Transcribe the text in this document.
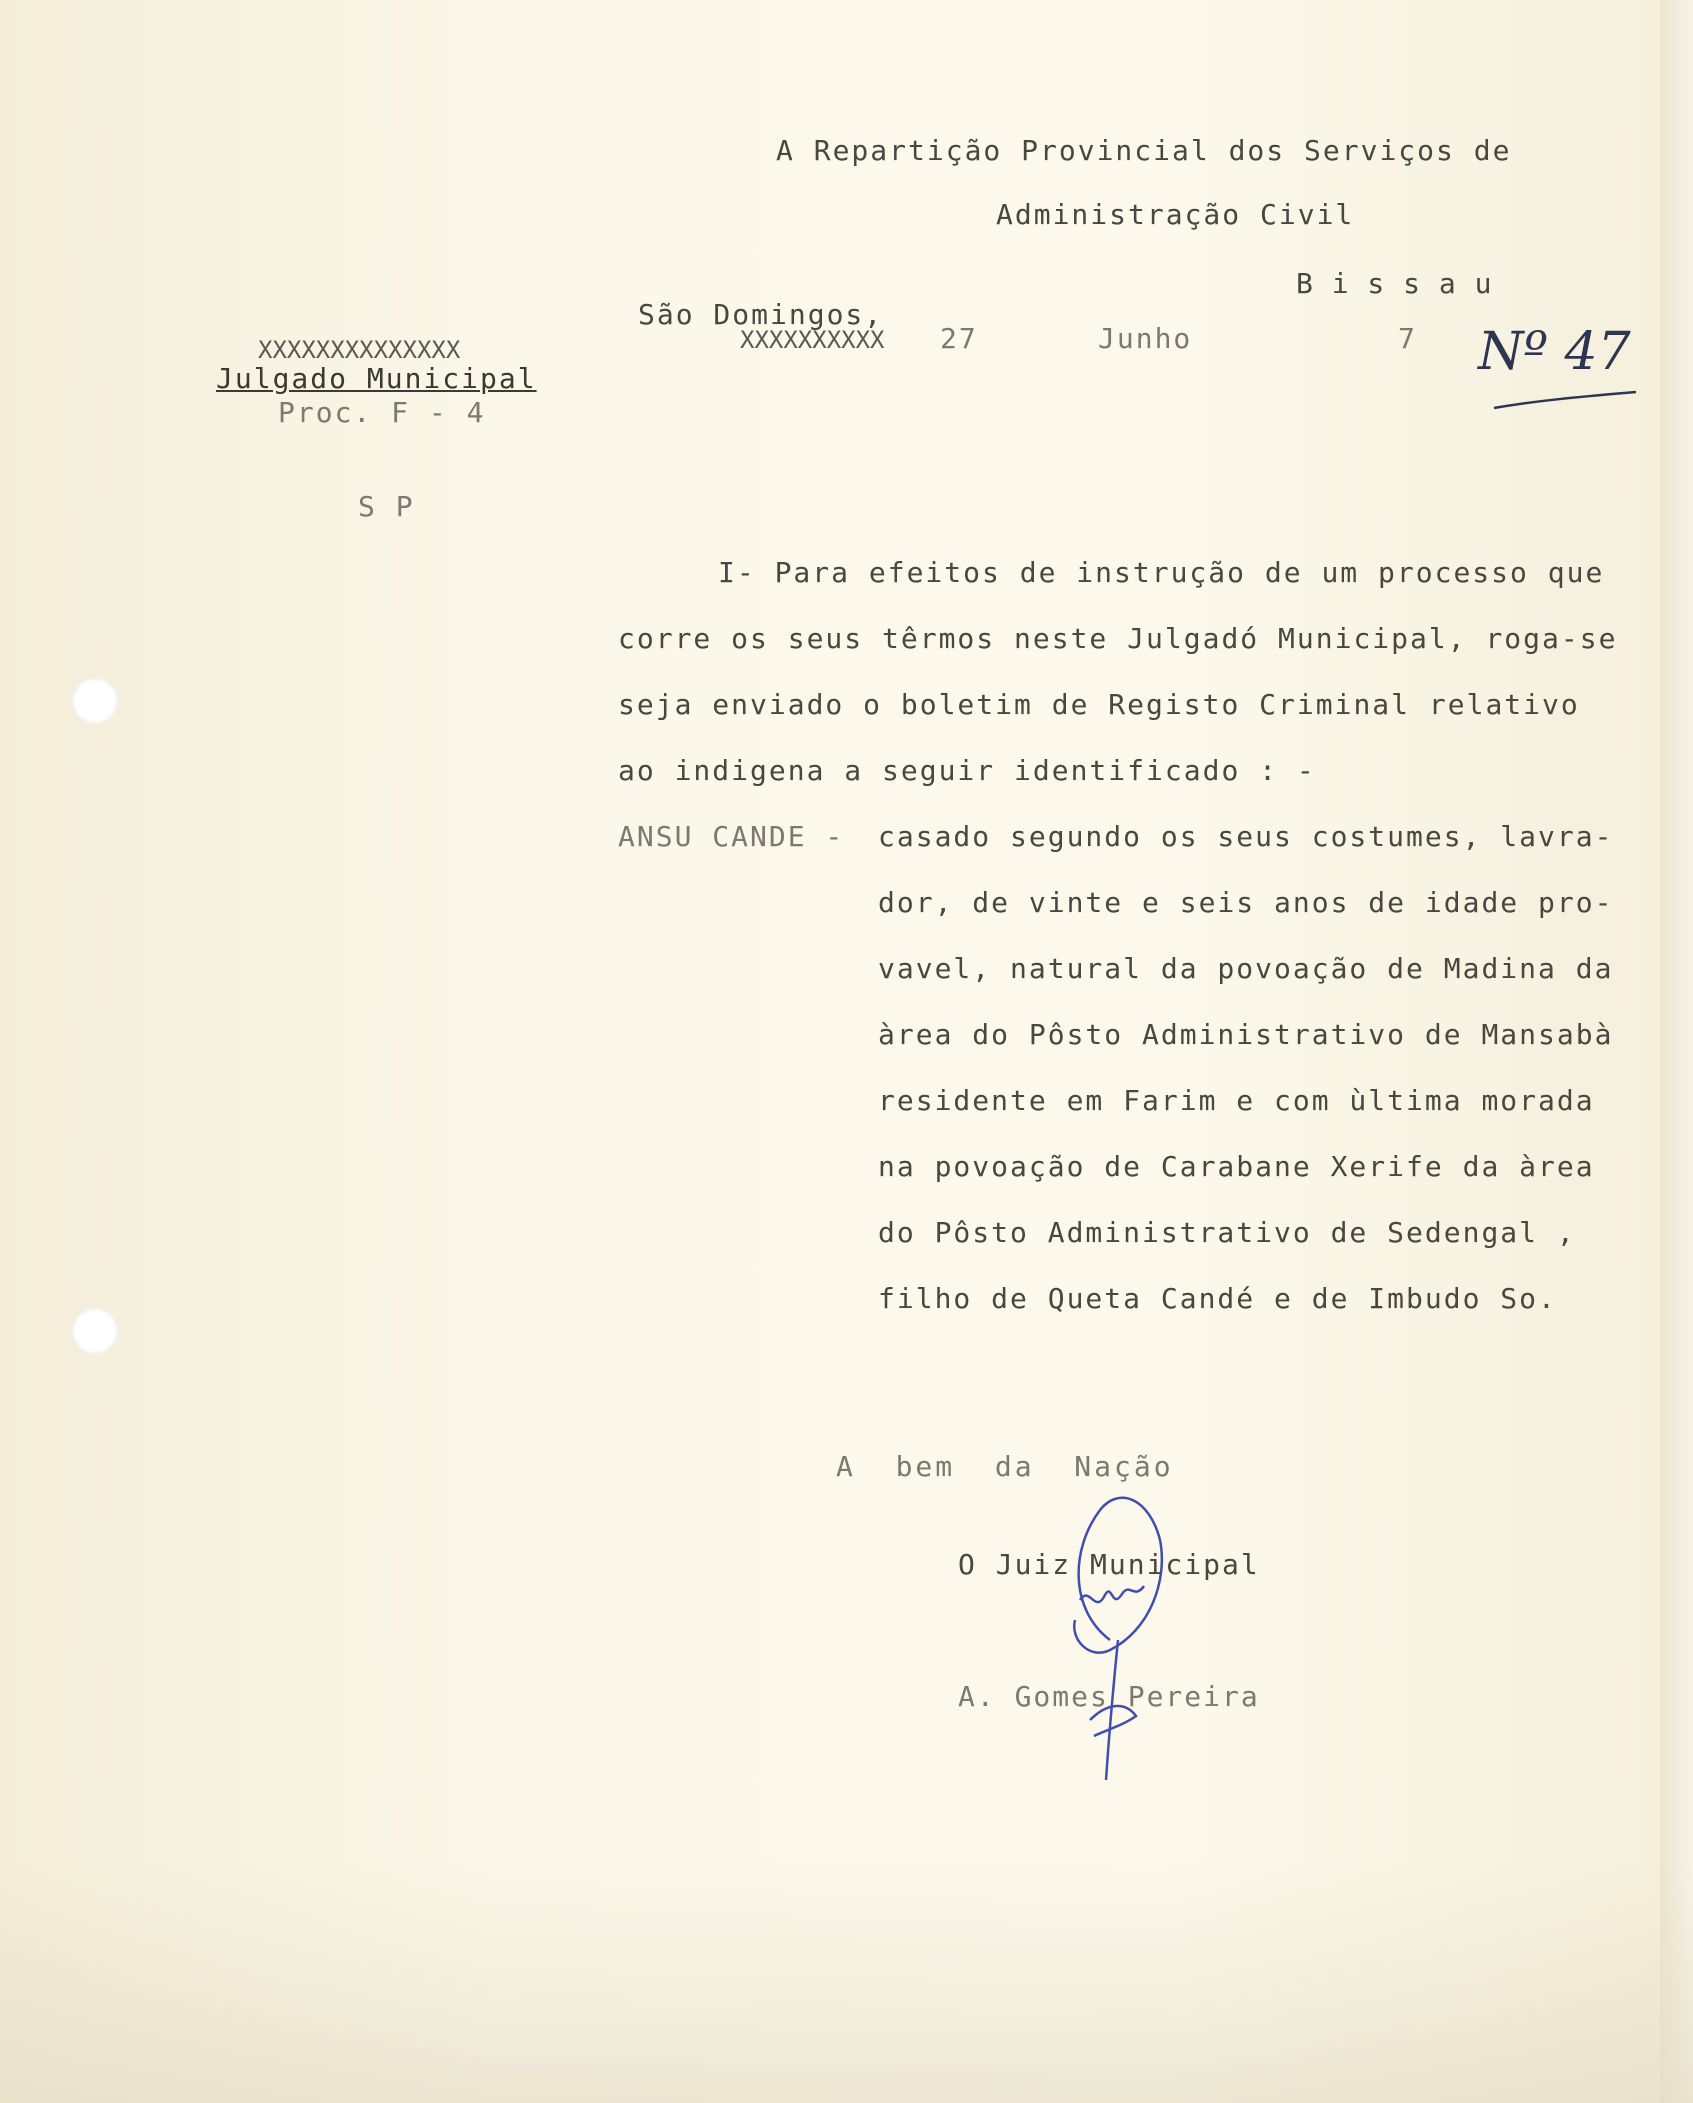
A Repartição Provincial dos Serviços de
Administração Civil
B i s s a u
XXXXXXXXXXXXXX
Julgado Municipal
Proc. F - 4
S P
São Domingos,
XXXXXXXXXX 27	Junho	7 Nº 47
I- Para efeitos de instrução de um processo que
corre os seus têrmos neste Julgadó Municipal, roga-se
seja enviado o boletim de Registo Criminal relativo
ao indigena a seguir identificado : -
ANSU CANDE - casado segundo os seus costumes, lavra-
dor, de vinte e seis anos de idade pro-
vavel, natural da povoação de Madina da
àrea do Pôsto Administrativo de Mansabà
residente em Farim e com ùltima morada
na povoação de Carabane Xerife da àrea
do Pôsto Administrativo de Sedengal ,
filho de Queta Candé e de Imbudo So.
A  bem  da  Nação
O Juiz Municipal
A. Gomes Pereira
